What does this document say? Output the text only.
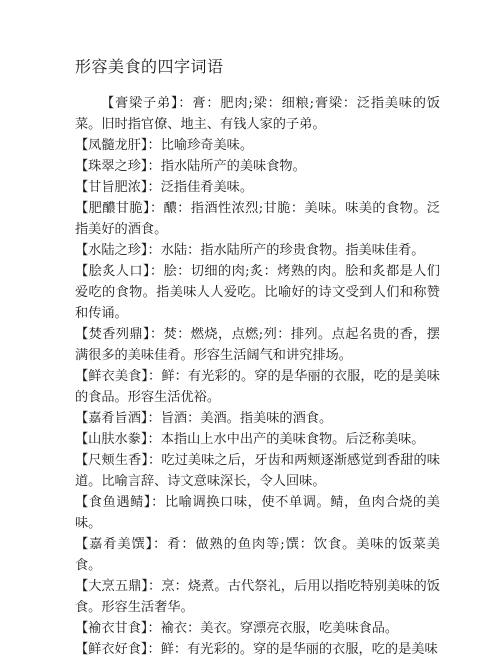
形容美食的四字词语

【膏梁子弟】：膏：肥肉;梁：细粮;膏梁：泛指美味的饭菜。旧时指官僚、地主、有钱人家的子弟。

【凤髓龙肝】：比喻珍奇美味。

【珠翠之珍】：指水陆所产的美味食物。

【甘旨肥浓】：泛指佳肴美味。

【肥醲甘脆】：醲：指酒性浓烈;甘脆：美味。味美的食物。泛指美好的酒食。

【水陆之珍】：水陆：指水陆所产的珍贵食物。指美味佳肴。

【脍炙人口】：脍：切细的肉;炙：烤熟的肉。脍和炙都是人们爱吃的食物。指美味人人爱吃。比喻好的诗文受到人们和称赞和传诵。

【焚香列鼎】：焚：燃烧，点燃;列：排列。点起名贵的香，摆满很多的美味佳肴。形容生活阔气和讲究排场。

【鲜衣美食】：鲜：有光彩的。穿的是华丽的衣服，吃的是美味的食品。形容生活优裕。

【嘉肴旨酒】：旨酒：美酒。指美味的酒食。

【山肤水豢】：本指山上水中出产的美味食物。后泛称美味。

【尺颊生香】：吃过美味之后，牙齿和两颊逐渐感觉到香甜的味道。比喻言辞、诗文意味深长，令人回味。

【食鱼遇鲭】：比喻调换口味，使不单调。鲭，鱼肉合烧的美味。

【嘉肴美馔】：肴：做熟的鱼肉等;馔：饮食。美味的饭菜美食。

【大烹五鼎】：烹：烧煮。古代祭礼，后用以指吃特别美味的饭食。形容生活奢华。

【褕衣甘食】：褕衣：美衣。穿漂亮衣服，吃美味食品。

【鲜衣好食】：鲜：有光彩的。穿的是华丽的衣服，吃的是美味
